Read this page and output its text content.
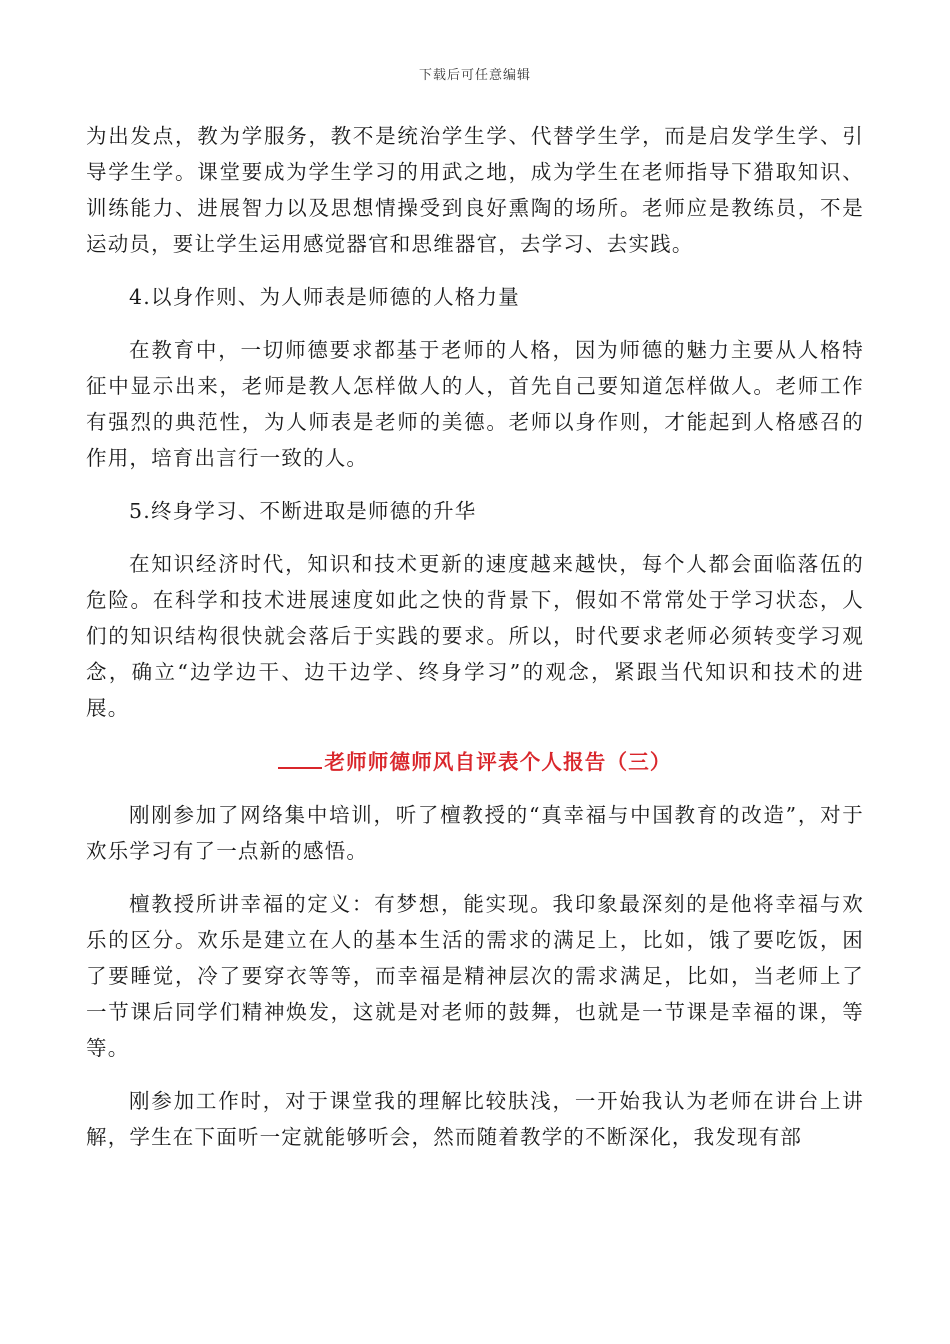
下载后可任意编辑

为出发点，教为学服务，教不是统治学生学、代替学生学，而是启发学生学、引导学生学。课堂要成为学生学习的用武之地，成为学生在老师指导下猎取知识、训练能力、进展智力以及思想情操受到良好熏陶的场所。老师应是教练员，不是运动员，要让学生运用感觉器官和思维器官，去学习、去实践。

4.以身作则、为人师表是师德的人格力量

在教育中，一切师德要求都基于老师的人格，因为师德的魅力主要从人格特征中显示出来，老师是教人怎样做人的人，首先自己要知道怎样做人。老师工作有强烈的典范性，为人师表是老师的美德。老师以身作则，才能起到人格感召的作用，培育出言行一致的人。

5.终身学习、不断进取是师德的升华

在知识经济时代，知识和技术更新的速度越来越快，每个人都会面临落伍的危险。在科学和技术进展速度如此之快的背景下，假如不常常处于学习状态，人们的知识结构很快就会落后于实践的要求。所以，时代要求老师必须转变学习观念，确立“边学边干、边干边学、终身学习”的观念，紧跟当代知识和技术的进展。

老师师德师风自评表个人报告（三）

刚刚参加了网络集中培训，听了檀教授的“真幸福与中国教育的改造”，对于欢乐学习有了一点新的感悟。

檀教授所讲幸福的定义：有梦想，能实现。我印象最深刻的是他将幸福与欢乐的区分。欢乐是建立在人的基本生活的需求的满足上，比如，饿了要吃饭，困了要睡觉，冷了要穿衣等等，而幸福是精神层次的需求满足，比如，当老师上了一节课后同学们精神焕发，这就是对老师的鼓舞，也就是一节课是幸福的课，等等。

刚参加工作时，对于课堂我的理解比较肤浅，一开始我认为老师在讲台上讲解，学生在下面听一定就能够听会，然而随着教学的不断深化，我发现有部
